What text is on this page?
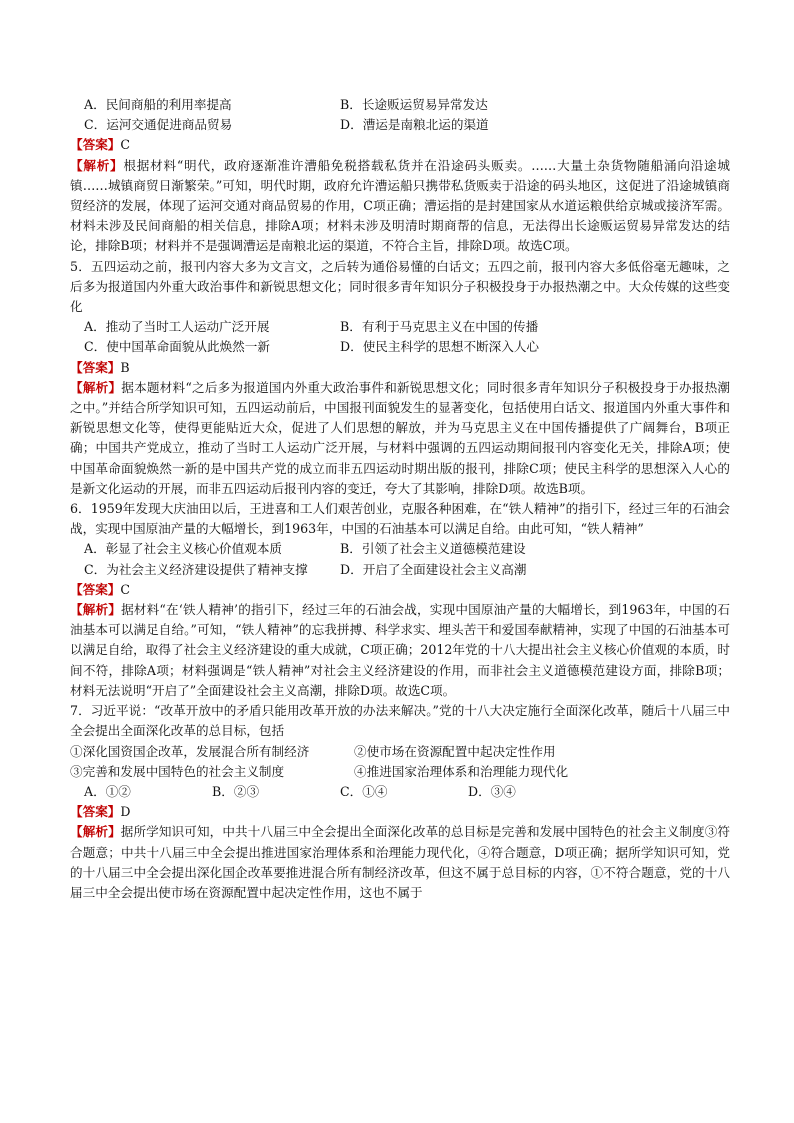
A．民间商船的利用率提高	B．长途贩运贸易异常发达
C．运河交通促进商品贸易	D．漕运是南粮北运的渠道

【答案】C

【解析】根据材料“明代，政府逐渐准许漕船免税搭载私货并在沿途码头贩卖。……大量土杂货物随船涌向沿途城镇……城镇商贸日渐繁荣。”可知，明代时期，政府允许漕运船只携带私货贩卖于沿途的码头地区，这促进了沿途城镇商贸经济的发展，体现了运河交通对商品贸易的作用，C项正确；漕运指的是封建国家从水道运粮供给京城或接济军需。材料未涉及民间商船的相关信息，排除A项；材料未涉及明清时期商帮的信息，无法得出长途贩运贸易异常发达的结论，排除B项；材料并不是强调漕运是南粮北运的渠道，不符合主旨，排除D项。故选C项。

5．五四运动之前，报刊内容大多为文言文，之后转为通俗易懂的白话文；五四之前，报刊内容大多低俗毫无趣味，之后多为报道国内外重大政治事件和新锐思想文化；同时很多青年知识分子积极投身于办报热潮之中。大众传媒的这些变化

A．推动了当时工人运动广泛开展	B．有利于马克思主义在中国的传播
C．使中国革命面貌从此焕然一新	D．使民主科学的思想不断深入人心

【答案】B

【解析】据本题材料“之后多为报道国内外重大政治事件和新锐思想文化；同时很多青年知识分子积极投身于办报热潮之中。”并结合所学知识可知，五四运动前后，中国报刊面貌发生的显著变化，包括使用白话文、报道国内外重大事件和新锐思想文化等，使得更能贴近大众，促进了人们思想的解放，并为马克思主义在中国传播提供了广阔舞台，B项正确；中国共产党成立，推动了当时工人运动广泛开展，与材料中强调的五四运动期间报刊内容变化无关，排除A项；使中国革命面貌焕然一新的是中国共产党的成立而非五四运动时期出版的报刊，排除C项；使民主科学的思想深入人心的是新文化运动的开展，而非五四运动后报刊内容的变迁，夸大了其影响，排除D项。故选B项。

6．1959年发现大庆油田以后，王进喜和工人们艰苦创业，克服各种困难，在“铁人精神”的指引下，经过三年的石油会战，实现中国原油产量的大幅增长，到1963年，中国的石油基本可以满足自给。由此可知，“铁人精神”

A．彰显了社会主义核心价值观本质	B．引领了社会主义道德模范建设
C．为社会主义经济建设提供了精神支撑	D．开启了全面建设社会主义高潮

【答案】C

【解析】据材料“在‘铁人精神’的指引下，经过三年的石油会战，实现中国原油产量的大幅增长，到1963年，中国的石油基本可以满足自给。”可知，“铁人精神”的忘我拼搏、科学求实、埋头苦干和爱国奉献精神，实现了中国的石油基本可以满足自给，取得了社会主义经济建设的重大成就，C项正确；2012年党的十八大提出社会主义核心价值观的本质，时间不符，排除A项；材料强调是“铁人精神”对社会主义经济建设的作用，而非社会主义道德模范建设方面，排除B项；材料无法说明“开启了”全面建设社会主义高潮，排除D项。故选C项。

7．习近平说：“改革开放中的矛盾只能用改革开放的办法来解决。”党的十八大决定施行全面深化改革，随后十八届三中全会提出全面深化改革的总目标，包括

①深化国资国企改革，发展混合所有制经济	②使市场在资源配置中起决定性作用
③完善和发展中国特色的社会主义制度	④推进国家治理体系和治理能力现代化
A．①②	B．②③	C．①④	D．③④

【答案】D

【解析】据所学知识可知，中共十八届三中全会提出全面深化改革的总目标是完善和发展中国特色的社会主义制度③符合题意；中共十八届三中全会提出推进国家治理体系和治理能力现代化，④符合题意，D项正确；据所学知识可知，党的十八届三中全会提出深化国企改革要推进混合所有制经济改革，但这不属于总目标的内容，①不符合题意，党的十八届三中全会提出使市场在资源配置中起决定性作用，这也不属于
